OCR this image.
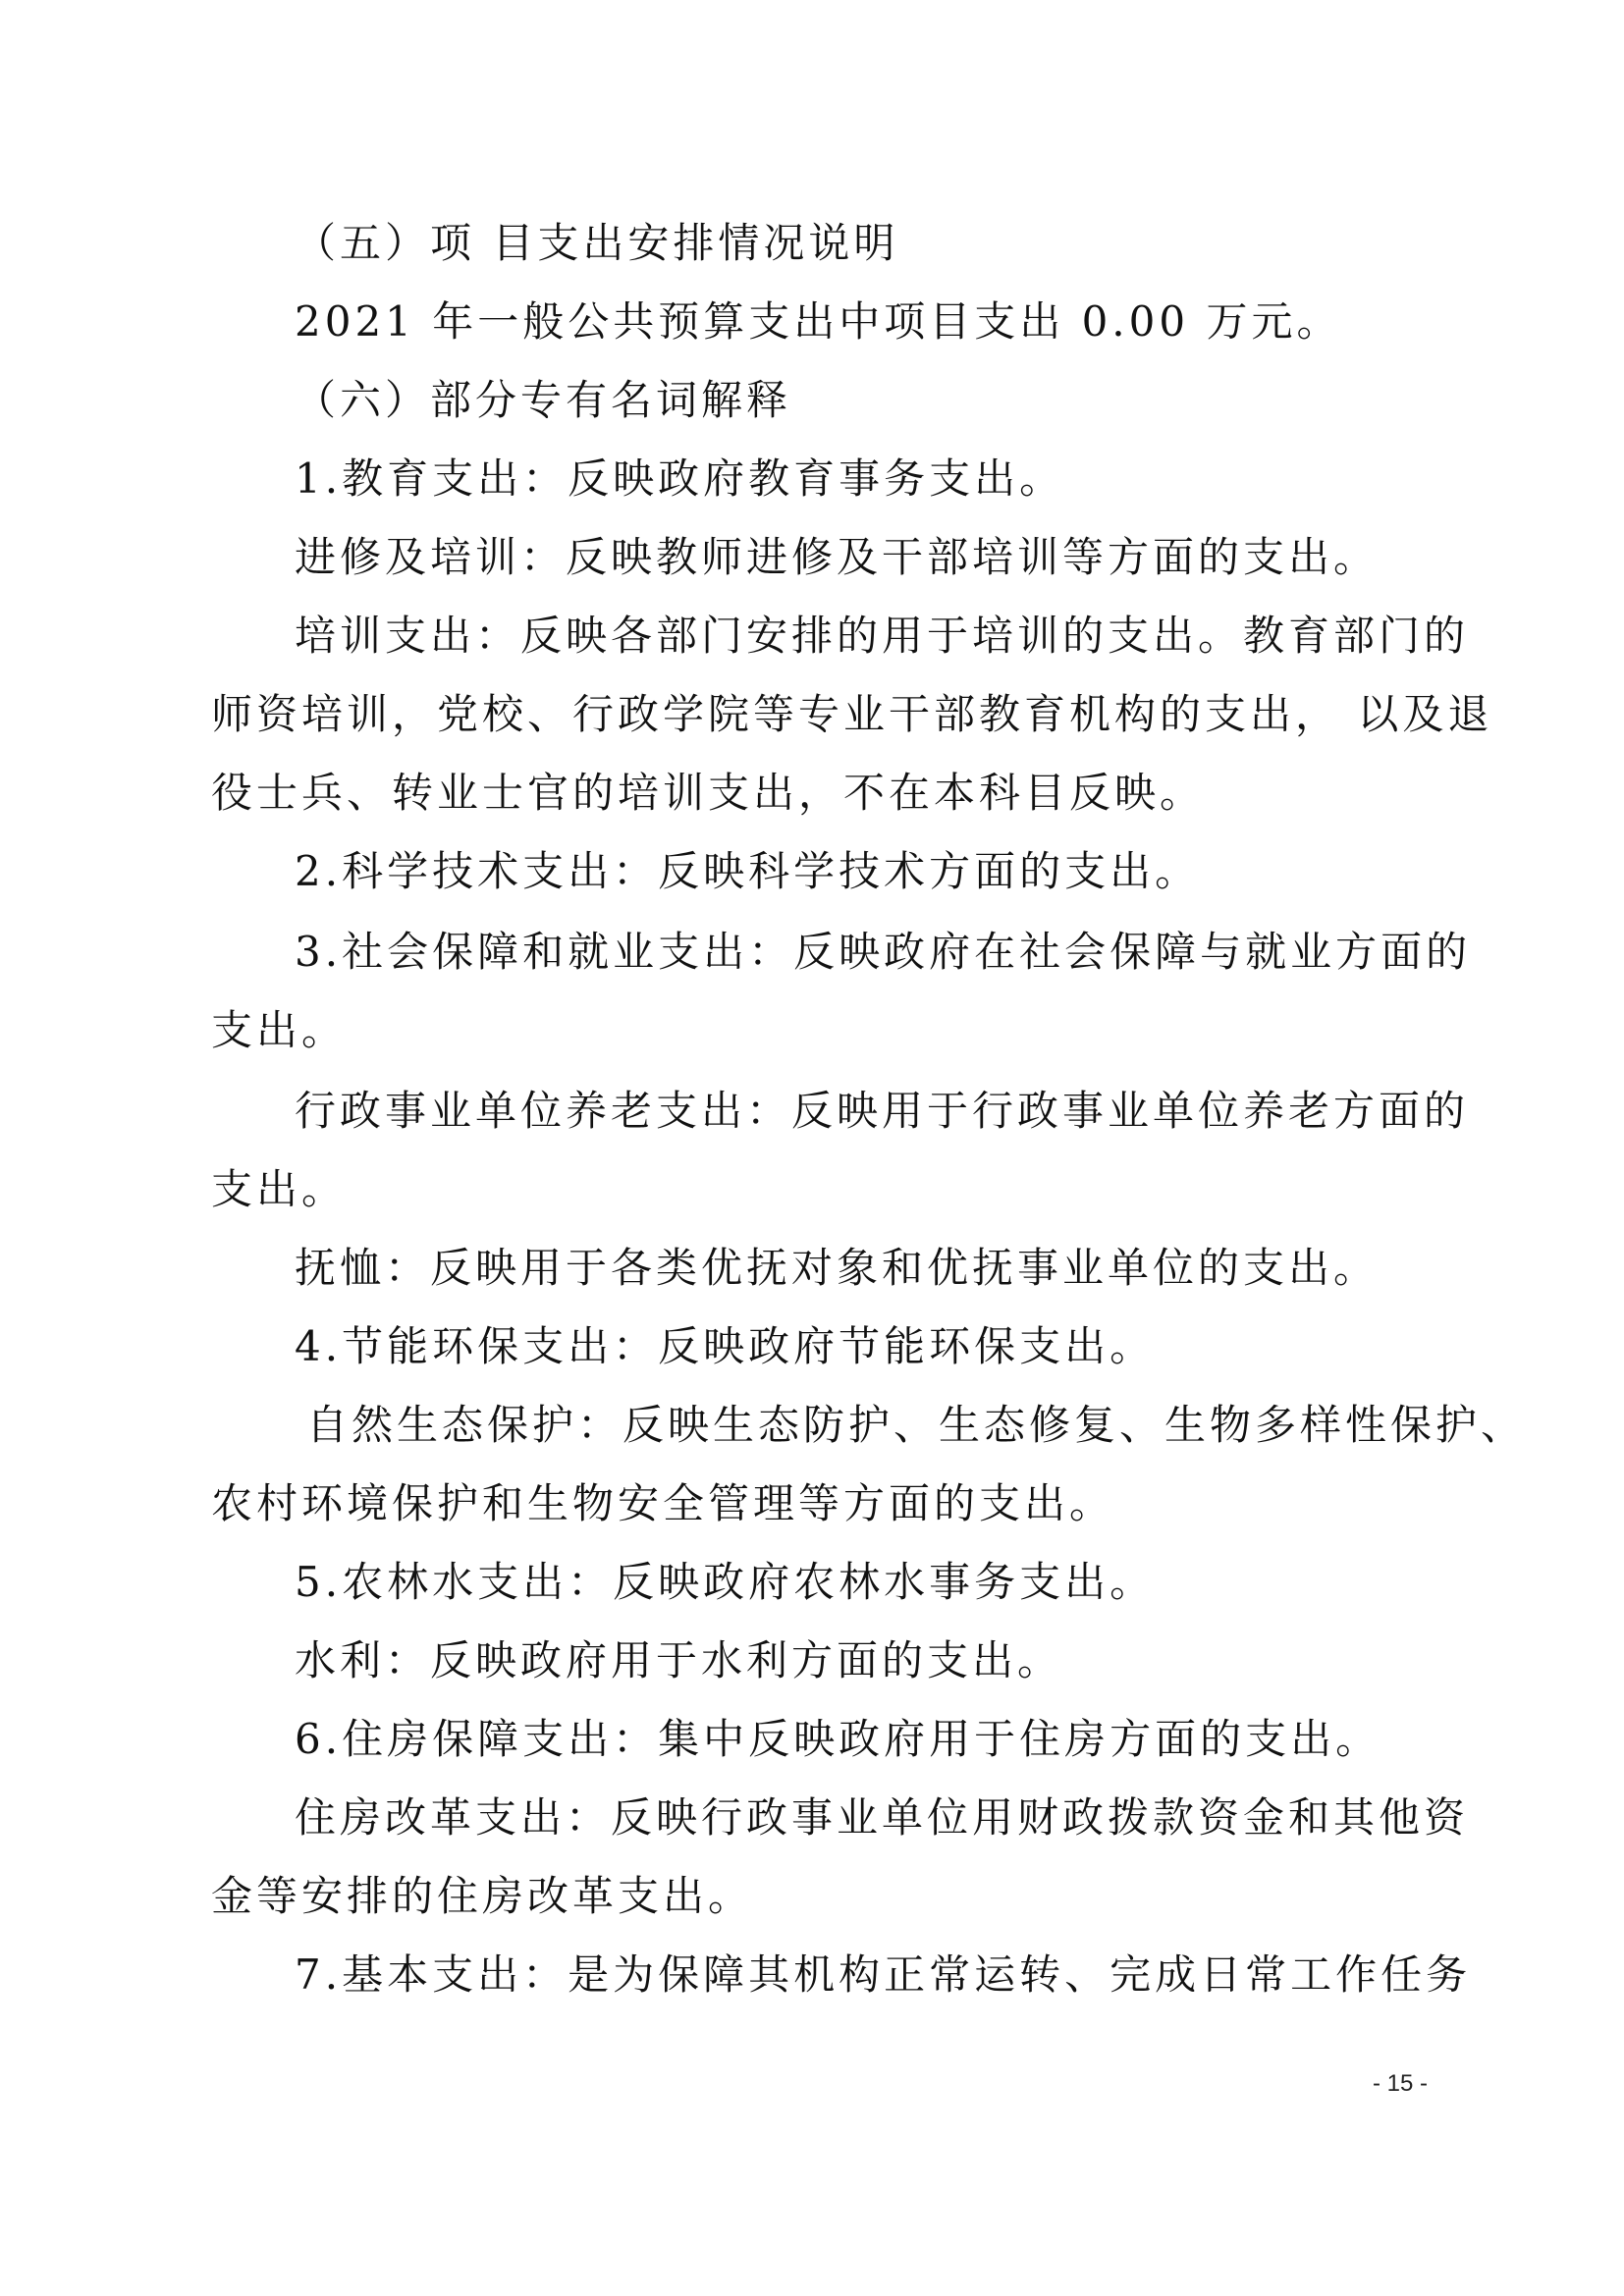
（五）项 目支出安排情况说明
2021 年一般公共预算支出中项目支出 0.00 万元。
（六）部分专有名词解释
1.教育支出：反映政府教育事务支出。
进修及培训：反映教师进修及干部培训等方面的支出。
培训支出：反映各部门安排的用于培训的支出。教育部门的
师资培训，党校、行政学院等专业干部教育机构的支出， 以及退
役士兵、转业士官的培训支出，不在本科目反映。
2.科学技术支出：反映科学技术方面的支出。
3.社会保障和就业支出：反映政府在社会保障与就业方面的
支出。
行政事业单位养老支出：反映用于行政事业单位养老方面的
支出。
抚恤：反映用于各类优抚对象和优抚事业单位的支出。
4.节能环保支出：反映政府节能环保支出。
自然生态保护：反映生态防护、生态修复、生物多样性保护、
农村环境保护和生物安全管理等方面的支出。
5.农林水支出：反映政府农林水事务支出。
水利：反映政府用于水利方面的支出。
6.住房保障支出：集中反映政府用于住房方面的支出。
住房改革支出：反映行政事业单位用财政拨款资金和其他资
金等安排的住房改革支出。
7.基本支出：是为保障其机构正常运转、完成日常工作任务
- 15 -
